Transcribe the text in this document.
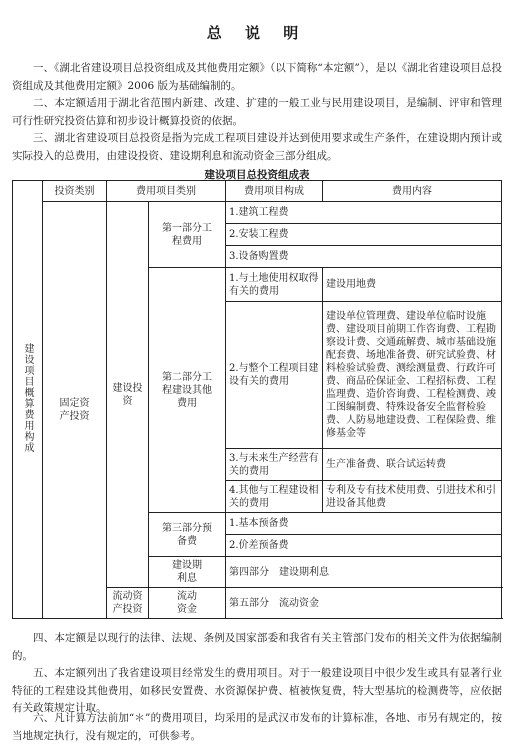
总 说 明

一、《湖北省建设项目总投资组成及其他费用定额》（以下简称“本定额”），是以《湖北省建设项目总投资组成及其他费用定额》2006 版为基础编制的。

二、本定额适用于湖北省范围内新建、改建、扩建的一般工业与民用建设项目，是编制、评审和管理可行性研究投资估算和初步设计概算投资的依据。

三、湖北省建设项目总投资是指为完成工程项目建设并达到使用要求或生产条件，在建设期内预计或实际投入的总费用，由建设投资、建设期利息和流动资金三部分组成。

建设项目总投资组成表
建设项目概算费用构成	投资类别	费用项目类别		费用项目构成	费用内容
	固定资产投资	建设投资	第一部分工程费用	1.建筑工程费	
				2.安装工程费	
				3.设备购置费	
			第二部分工程建设其他费用	1.与土地使用权取得有关的费用	建设用地费
				2.与整个工程项目建设有关的费用	建设单位管理费、建设单位临时设施费、建设项目前期工作咨询费、工程勘察设计费、交通疏解费、城市基础设施配套费、场地准备费、研究试验费、材料检验试验费、测绘测量费、行政许可费、商品砼保证金、工程招标费、工程监理费、造价咨询费、工程检测费、竣工图编制费、特殊设备安全监督检验费、人防易地建设费、工程保险费、维修基金等
				3.与未来生产经营有关的费用	生产准备费、联合试运转费
				4.其他与工程建设相关的费用	专利及专有技术使用费、引进技术和引进设备其他费
			第三部分预备费	1.基本预备费	
				2.价差预备费	
			建设期利息	第四部分　建设期利息	
		流动资产投资	流动资金	第五部分　流动资金	

四、本定额是以现行的法律、法规、条例及国家部委和我省有关主管部门发布的相关文件为依据编制的。

五、本定额列出了我省建设项目经常发生的费用项目。对于一般建设项目中很少发生或具有显著行业特征的工程建设其他费用，如移民安置费、水资源保护费、植被恢复费，特大型基坑的检测费等，应依据有关政策规定计取。

六、凡计算方法前加“＊”的费用项目，均采用的是武汉市发布的计算标准，各地、市另有规定的，按当地规定执行，没有规定的，可供参考。
